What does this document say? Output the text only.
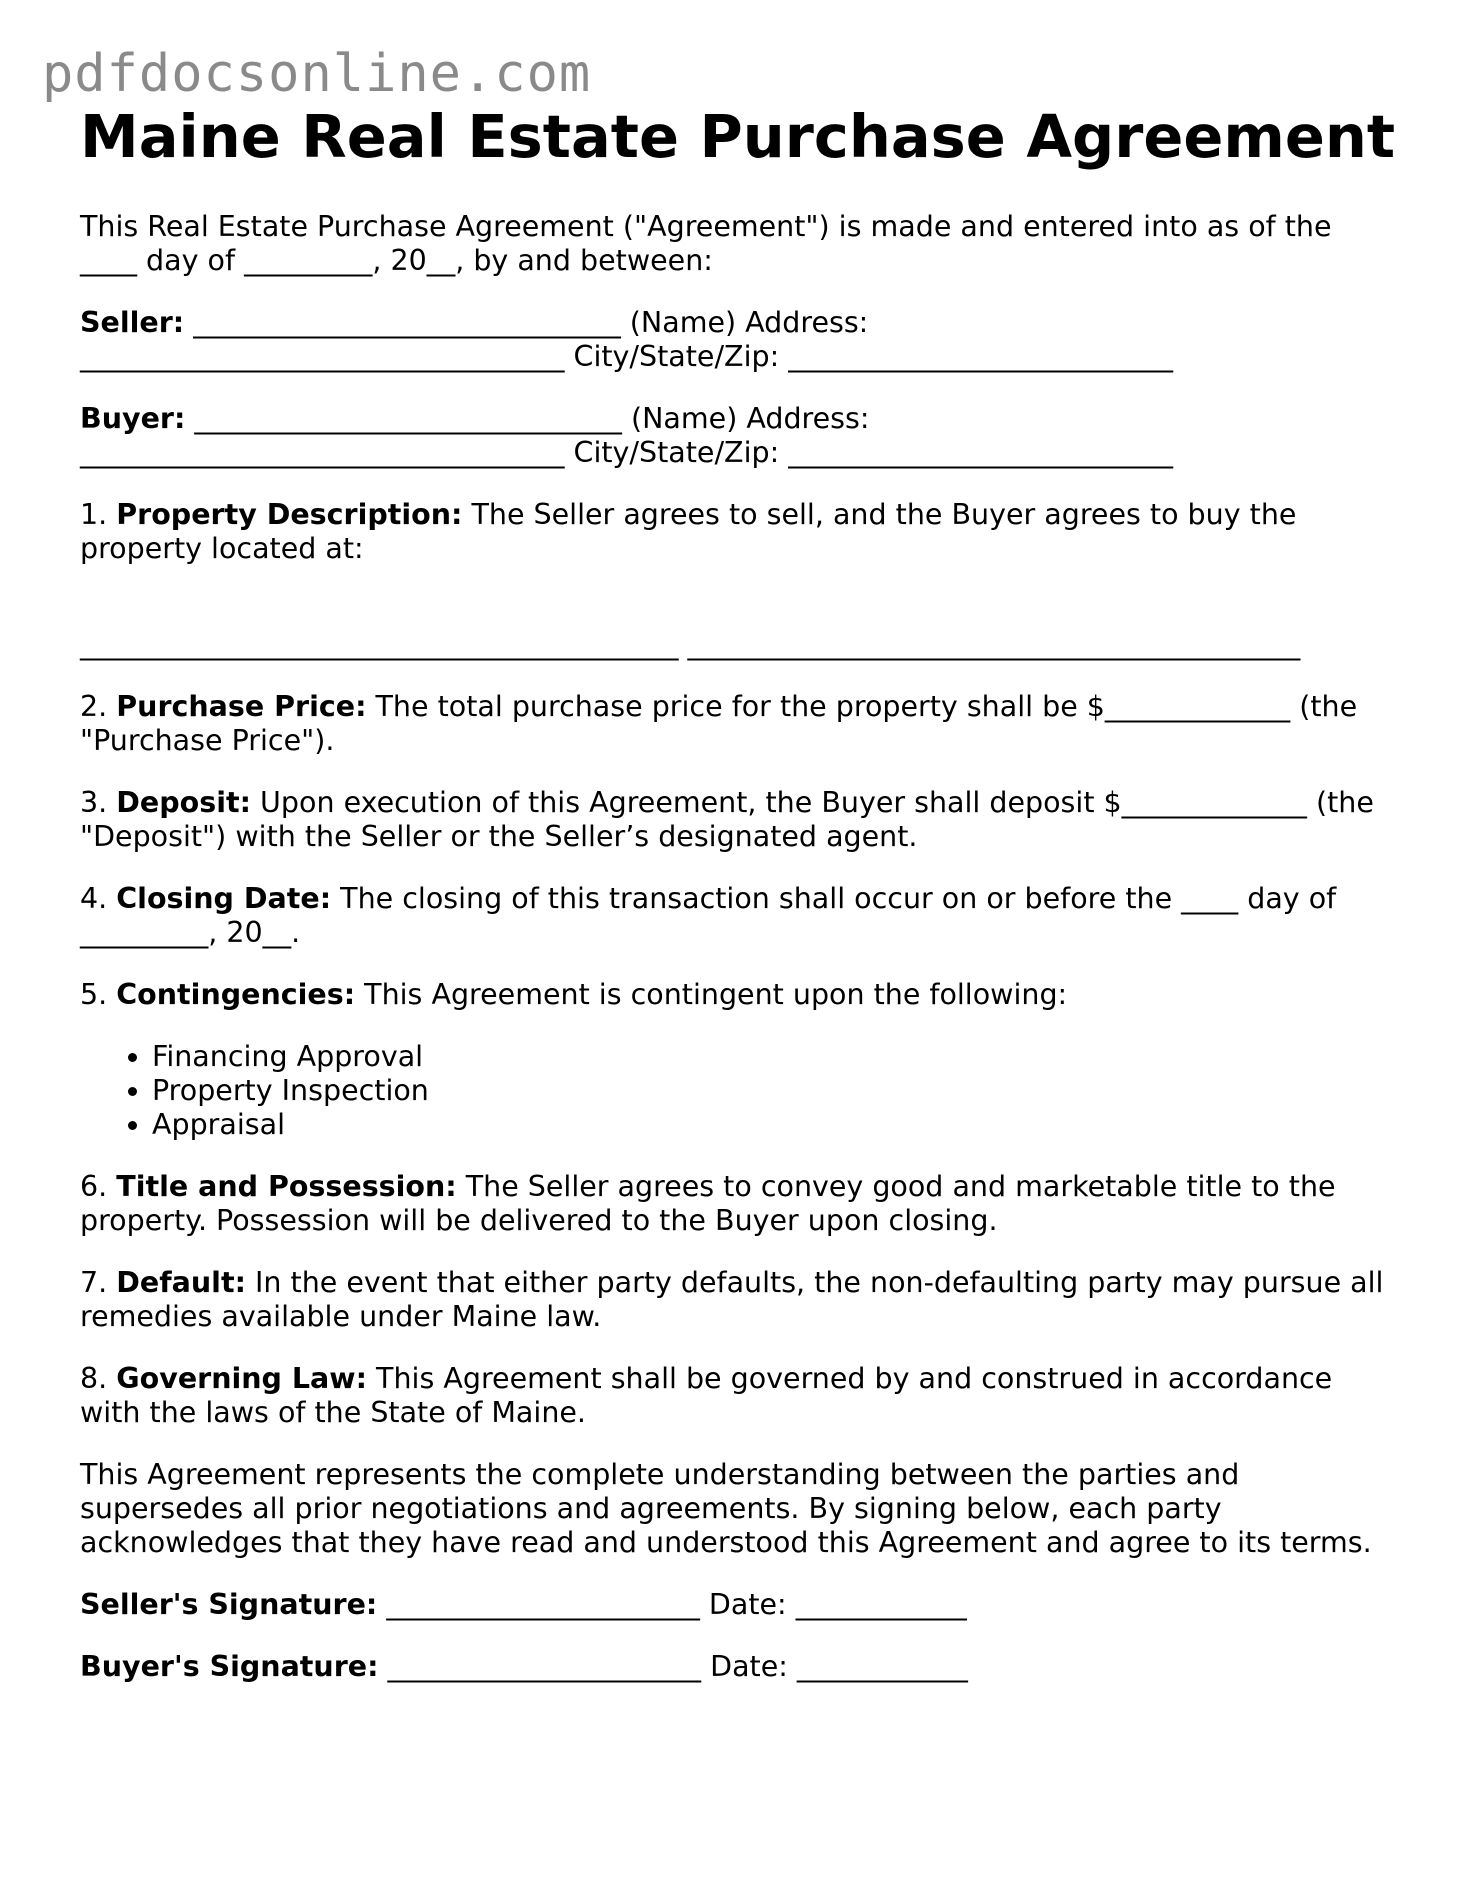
pdfdocsonline.com
Maine Real Estate Purchase Agreement
This Real Estate Purchase Agreement ("Agreement") is made and entered into as of the
____ day of _________, 20__, by and between:
Seller: ______________________________ (Name) Address:
__________________________________ City/State/Zip: ___________________________
Buyer: ______________________________ (Name) Address:
__________________________________ City/State/Zip: ___________________________
1. Property Description: The Seller agrees to sell, and the Buyer agrees to buy the property located at:
__________________________________________ ___________________________________________
2. Purchase Price: The total purchase price for the property shall be $_____________ (the "Purchase Price").
3. Deposit: Upon execution of this Agreement, the Buyer shall deposit $_____________ (the "Deposit") with the Seller or the Seller’s designated agent.
4. Closing Date: The closing of this transaction shall occur on or before the ____ day of _________, 20__.
5. Contingencies: This Agreement is contingent upon the following:
• Financing Approval
• Property Inspection
• Appraisal
6. Title and Possession: The Seller agrees to convey good and marketable title to the property. Possession will be delivered to the Buyer upon closing.
7. Default: In the event that either party defaults, the non-defaulting party may pursue all remedies available under Maine law.
8. Governing Law: This Agreement shall be governed by and construed in accordance with the laws of the State of Maine.
This Agreement represents the complete understanding between the parties and supersedes all prior negotiations and agreements. By signing below, each party acknowledges that they have read and understood this Agreement and agree to its terms.
Seller's Signature: ______________________ Date: ____________
Buyer's Signature: ______________________ Date: ____________
